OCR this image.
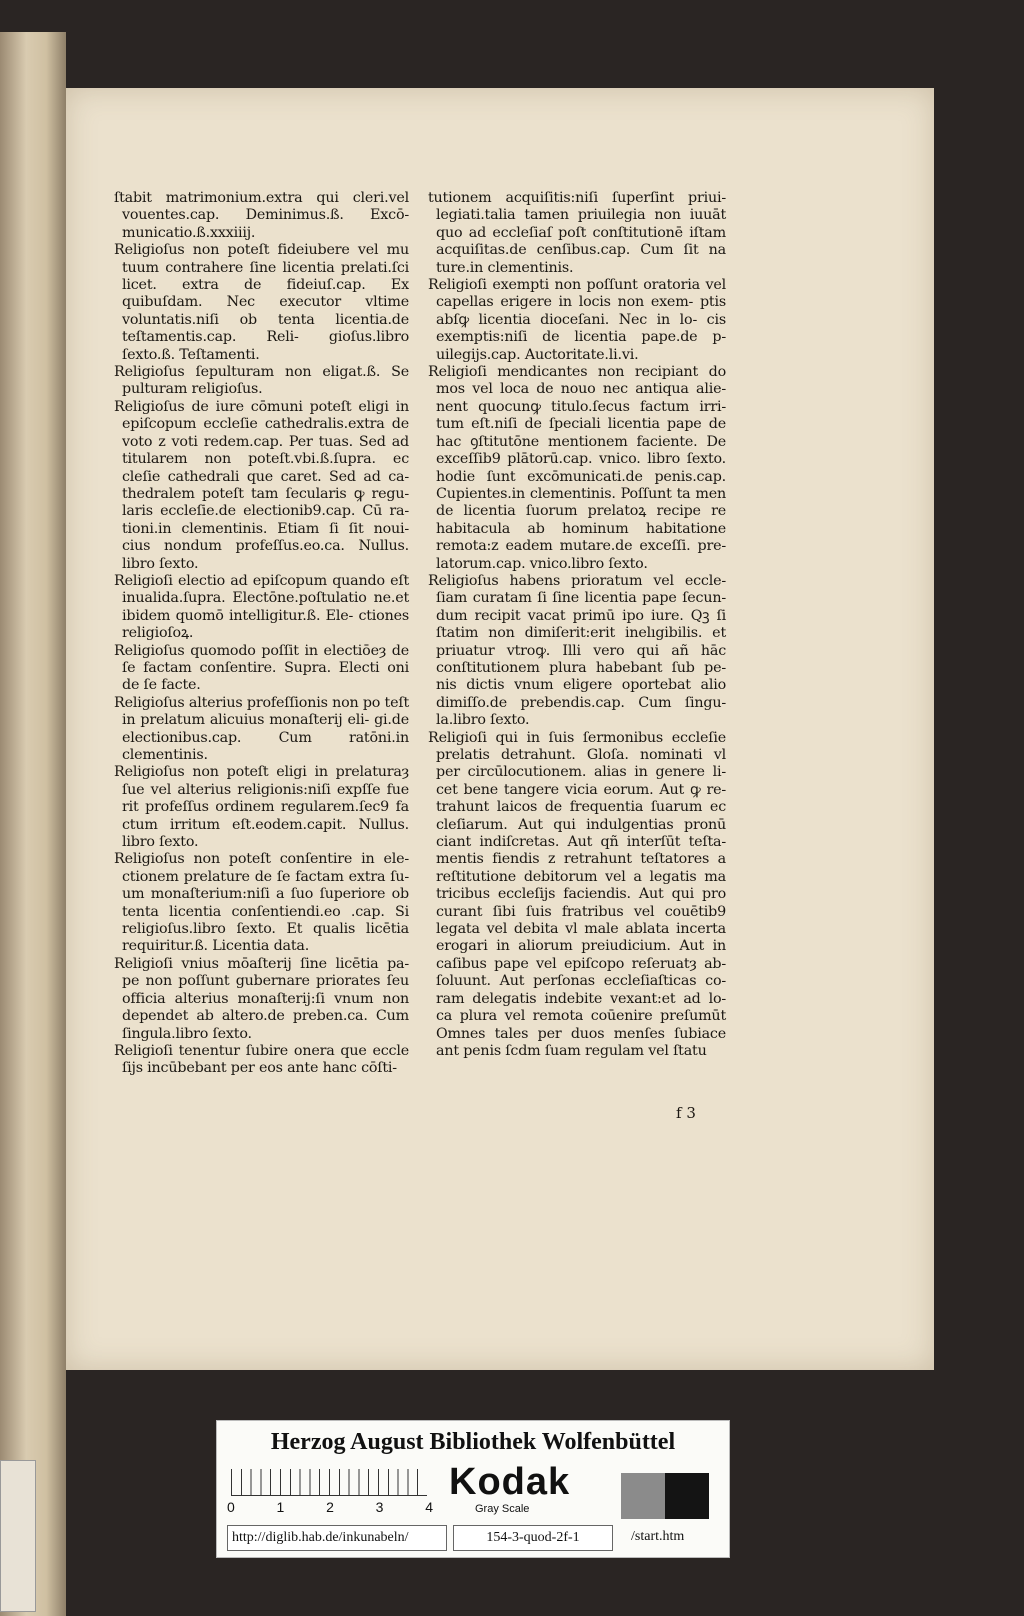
ſtabit matrimonium.extra qui cleri.vel vouentes.cap. Deminimus.ß. Excō‑ municatio.ß.xxxiiij.
Religioſus non poteſt fideiubere vel mu tuum contrahere ſine licentia prelati.ſci licet. extra de fideiuſ.cap. Ex quibuſdam. Nec executor vltime voluntatis.niſi ob tenta licentia.de teſtamentis.cap. Reli‑ gioſus.libro ſexto.ß. Teſtamenti.
Religioſus ſepulturam non eligat.ß. Se pulturam religioſus.
Religioſus de iure cōmuni poteſt eligi in epiſcopum eccleſie cathedralis.extra de voto z voti redem.cap. Per tuas. Sed ad titularem non poteſt.vbi.ß.ſupra. ec cleſie cathedrali que caret. Sed ad ca‑ thedralem poteſt tam ſecularis ꝙ regu‑ laris eccleſie.de electionib9.cap. Cū ra‑ tioni.in clementinis. Etiam ſi ſit noui‑ cius nondum profeſſus.eo.ca. Nullus. libro ſexto.
Religioſi electio ad epiſcopum quando eſt inualida.ſupra. Electōne.poſtulatio ne.et ibidem quomō intelligitur.ß. Ele‑ ctiones religioſoꝝ.
Religioſus quomodo poſſit in electiōeȝ de ſe factam conſentire. Supra. Electi oni de ſe facte.
Religioſus alterius profeſſionis non po teſt in prelatum alicuius monaſterij eli‑ gi.de electionibus.cap. Cum ratōni.in clementinis.
Religioſus non poteſt eligi in prelaturaȝ ſue vel alterius religionis:niſi expſſe fue rit profeſſus ordinem regularem.ſec9 fa ctum irritum eſt.eodem.capit. Nullus. libro ſexto.
Religioſus non poteſt conſentire in ele‑ ctionem prelature de ſe factam extra ſu‑ um monaſterium:niſi a ſuo ſuperiore ob tenta licentia conſentiendi.eo .cap. Si religioſus.libro ſexto. Et qualis licētia requiritur.ß. Licentia data.
Religioſi vnius mōaſterij ſine licētia pa‑ pe non poſſunt gubernare priorates ſeu officia alterius monaſterij:ſi vnum non dependet ab altero.de preben.ca. Cum ſingula.libro ſexto.
Religioſi tenentur ſubire onera que eccle ſijs incūbebant per eos ante hanc cōſti‑
tutionem acquiſitis:niſi ſuperſint priui‑ legiati.talia tamen priuilegia non iuuāt quo ad eccleſiaſ poſt conſtitutionē iſtam acquiſitas.de cenſibus.cap. Cum ſit na ture.in clementinis.
Religioſi exempti non poſſunt oratoria vel capellas erigere in locis non exem‑ ptis abſꝙ licentia dioceſani. Nec in lo‑ cis exemptis:niſi de licentia pape.de p‑ uilegijs.cap. Auctoritate.li.vi.
Religioſi mendicantes non recipiant do mos vel loca de nouo nec antiqua alie‑ nent quocunꝙ titulo.ſecus factum irri‑ tum eſt.niſi de ſpeciali licentia pape de hac ꝯſtitutōne mentionem faciente. De exceſſib9 plātorū.cap. vnico. libro ſexto. hodie ſunt excōmunicati.de penis.cap. Cupientes.in clementinis. Poſſunt ta men de licentia ſuorum prelatoꝝ recipe re habitacula ab hominum habitatione remota:z eadem mutare.de exceſſi. pre‑ latorum.cap. vnico.libro ſexto.
Religioſus habens prioratum vel eccle‑ ſiam curatam ſi ſine licentia pape ſecun‑ dum recipit vacat primū ipo iure. Qꝫ ſi ſtatim non dimiſerit:erit inelıgibilis. et priuatur vtroꝙ. Illi vero qui añ hāc conſtitutionem plura habebant ſub pe‑ nis dictis vnum eligere oportebat alio dimiſſo.de prebendis.cap. Cum ſingu‑ la.libro ſexto.
Religioſi qui in ſuis ſermonibus eccleſie prelatis detrahunt. Gloſa. nominati vl per circūlocutionem. alias in genere li‑ cet bene tangere vicia eorum. Aut ꝙ re‑ trahunt laicos de frequentia ſuarum ec cleſiarum. Aut qui indulgentias pronū ciant indiſcretas. Aut qñ interſūt teſta‑ mentis fiendis z retrahunt teſtatores a reſtitutione debitorum vel a legatis ma tricibus eccleſijs faciendis. Aut qui pro curant ſibi ſuis fratribus vel couētib9 legata vel debita vl male ablata incerta erogari in aliorum preiudicium. Aut in caſibus pape vel epiſcopo reſeruatȝ ab‑ ſoluunt. Aut perſonas eccleſiaſticas co‑ ram delegatis indebite vexant:et ad lo‑ ca plura vel remota coūenire preſumūt Omnes tales per duos menſes ſubiace ant penis ſcdm ſuam regulam vel ſtatu
f 3
Herzog August Bibliothek Wolfenbüttel
0	1	2	3	4
Kodak
Gray Scale
http://diglib.hab.de/inkunabeln/	154-3-quod-2f-1	/start.htm
